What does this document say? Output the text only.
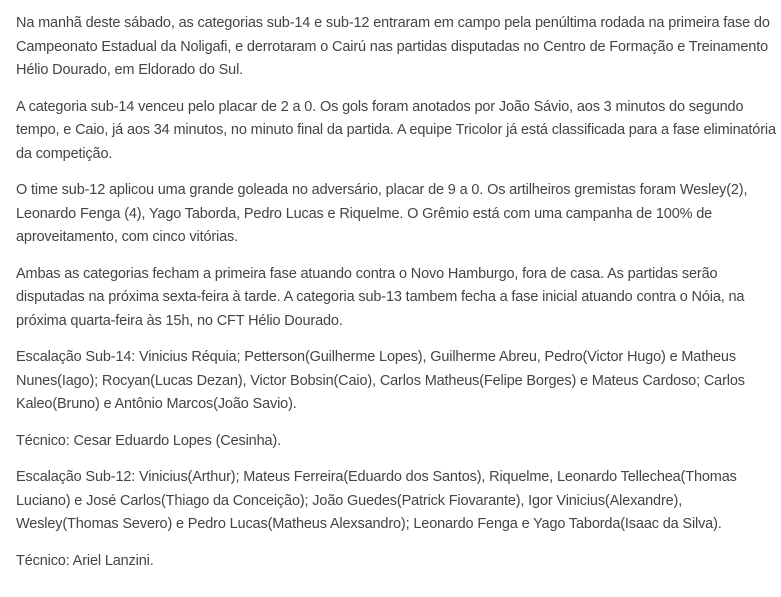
Na manhã deste sábado, as categorias sub-14 e sub-12 entraram em campo pela penúltima rodada na primeira fase do Campeonato Estadual da Noligafi, e derrotaram o Cairú nas partidas disputadas no Centro de Formação e Treinamento Hélio Dourado, em Eldorado do Sul.

A categoria sub-14 venceu pelo placar de 2 a 0. Os gols foram anotados por João Sávio, aos 3 minutos do segundo tempo, e Caio, já aos 34 minutos, no minuto final da partida. A equipe Tricolor já está classificada para a fase eliminatória da competição.

O time sub-12 aplicou uma grande goleada no adversário, placar de 9 a 0. Os artilheiros gremistas foram Wesley(2), Leonardo Fenga (4), Yago Taborda, Pedro Lucas e Riquelme. O Grêmio está com uma campanha de 100% de aproveitamento, com cinco vitórias.

Ambas as categorias fecham a primeira fase atuando contra o Novo Hamburgo, fora de casa. As partidas serão disputadas na próxima sexta-feira à tarde. A categoria sub-13 tambem fecha a fase inicial atuando contra o Nóia, na próxima quarta-feira às 15h, no CFT Hélio Dourado.

Escalação Sub-14: Vinicius Réquia; Petterson(Guilherme Lopes), Guilherme Abreu, Pedro(Victor Hugo) e Matheus Nunes(Iago); Rocyan(Lucas Dezan), Victor Bobsin(Caio), Carlos Matheus(Felipe Borges) e Mateus Cardoso; Carlos Kaleo(Bruno) e Antônio Marcos(João Savio).

Técnico: Cesar Eduardo Lopes (Cesinha).

Escalação Sub-12: Vinicius(Arthur); Mateus Ferreira(Eduardo dos Santos), Riquelme, Leonardo Tellechea(Thomas Luciano) e José Carlos(Thiago da Conceição); João Guedes(Patrick Fiovarante), Igor Vinicius(Alexandre), Wesley(Thomas Severo) e Pedro Lucas(Matheus Alexsandro); Leonardo Fenga e Yago Taborda(Isaac da Silva).

Técnico: Ariel Lanzini.
